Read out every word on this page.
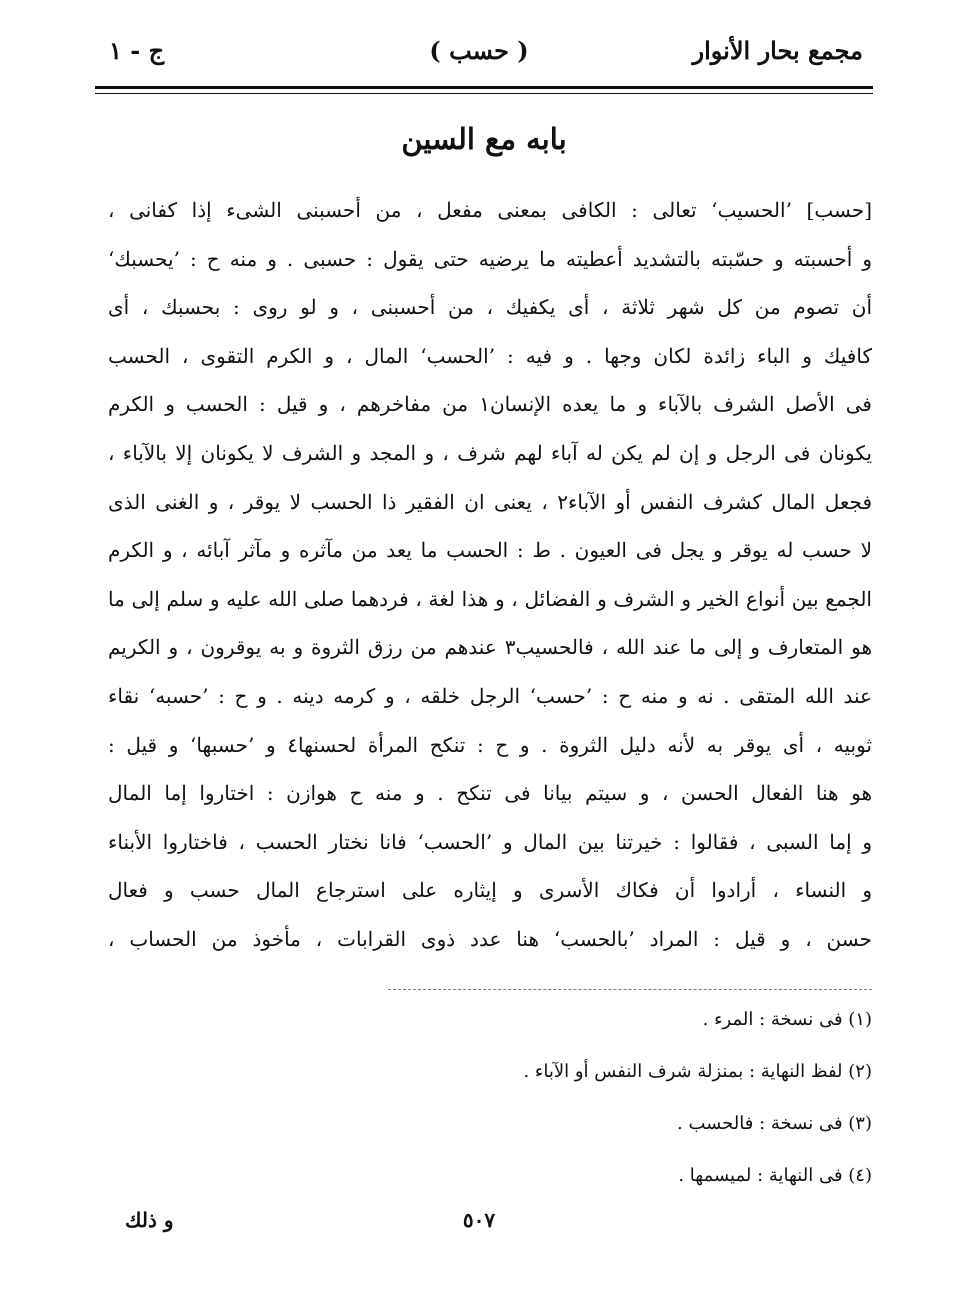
مجمع بحار الأنوار
( حسب )
ج - ١
بابه مع السين
[حسب] ’الحسيب‘ تعالى : الكافى بمعنى مفعل ، من أحسبنى الشىء إذا كفانى ،
و أحسبته و حسّبته بالتشديد أعطيته ما يرضيه حتى يقول : حسبى . و منه ح : ’يحسبك‘
أن تصوم من كل شهر ثلاثة ، أى يكفيك ، من أحسبنى ، و لو روى : بحسبك ، أى
كافيك و الباء زائدة لكان وجها . و فيه : ’الحسب‘ المال ، و الكرم التقوى ، الحسب
فى الأصل الشرف بالآباء و ما يعده الإنسان١ من مفاخرهم ، و قيل : الحسب و الكرم
يكونان فى الرجل و إن لم يكن له آباء لهم شرف ، و المجد و الشرف لا يكونان إلا بالآباء ،
فجعل المال كشرف النفس أو الآباء٢ ، يعنى ان الفقير ذا الحسب لا يوقر ، و الغنى الذى
لا حسب له يوقر و يجل فى العيون . ط : الحسب ما يعد من مآثره و مآثر آبائه ، و الكرم
الجمع بين أنواع الخير و الشرف و الفضائل ، و هذا لغة ، فردهما صلى الله عليه و سلم إلى ما
هو المتعارف و إلى ما عند الله ، فالحسيب٣ عندهم من رزق الثروة و به يوقرون ، و الكريم
عند الله المتقى . نه و منه ح : ’حسب‘ الرجل خلقه ، و كرمه دينه . و ح : ’حسبه‘ نقاء
ثوبيه ، أى يوقر به لأنه دليل الثروة . و ح : تنكح المرأة لحسنها٤ و ’حسبها‘ و قيل :
هو هنا الفعال الحسن ، و سيتم بيانا فى تنكح . و منه ح هوازن : اختاروا إما المال
و إما السبى ، فقالوا : خيرتنا بين المال و ’الحسب‘ فانا نختار الحسب ، فاختاروا الأبناء
و النساء ، أرادوا أن فكاك الأسرى و إيثاره على استرجاع المال حسب و فعال
حسن ، و قيل : المراد ’بالحسب‘ هنا عدد ذوى القرابات ، مأخوذ من الحساب ،
(١) فى نسخة : المرء .
(٢) لفظ النهاية : بمنزلة شرف النفس أو الآباء .
(٣) فى نسخة : فالحسب .
(٤) فى النهاية : لميسمها .
٥٠٧
و ذلك
